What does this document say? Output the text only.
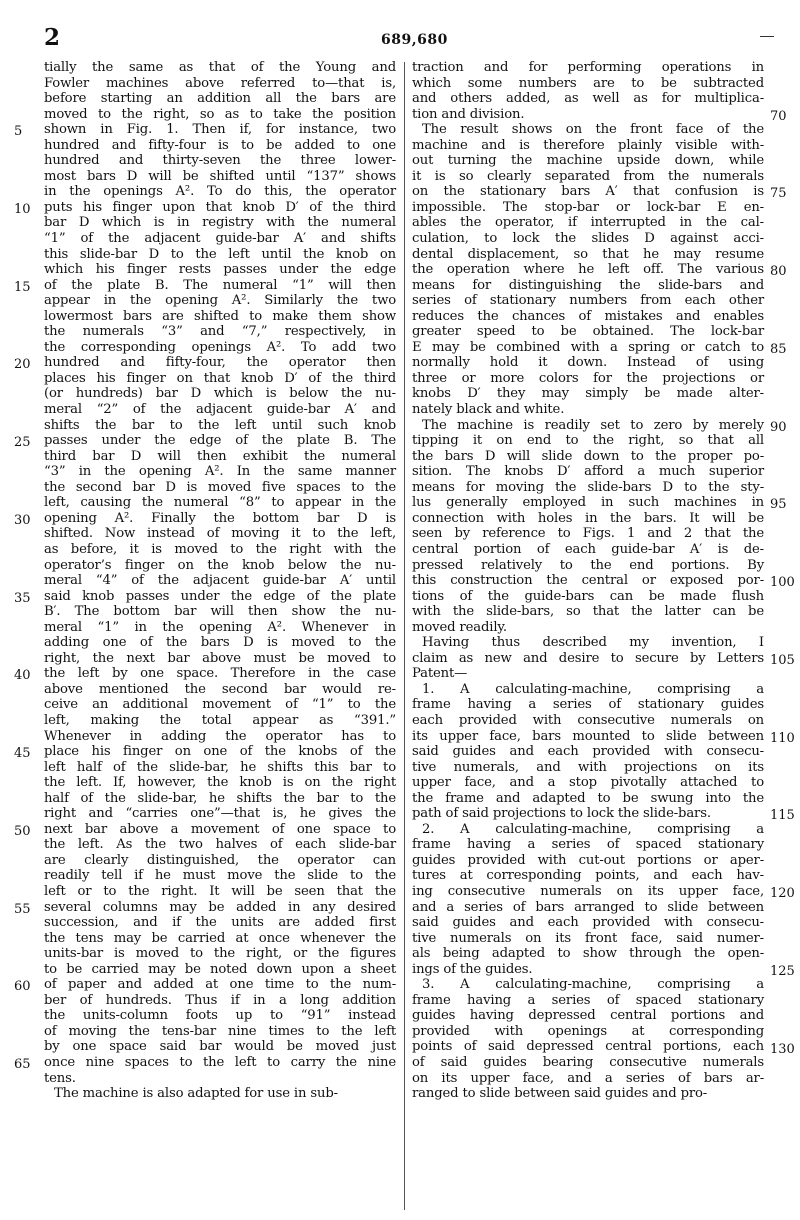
2	689,680
tially the same as that of the Young and
Fowler machines above referred to—that is,
before starting an addition all the bars are
moved to the right, so as to take the position
shown in Fig. 1. Then if, for instance, two
hundred and fifty-four is to be added to one
hundred and thirty-seven the three lower-
most bars D will be shifted until “137” shows
in the openings A². To do this, the operator
puts his finger upon that knob D′ of the third
bar D which is in registry with the numeral
“1” of the adjacent guide-bar A′ and shifts
this slide-bar D to the left until the knob on
which his finger rests passes under the edge
of the plate B. The numeral “1” will then
appear in the opening A². Similarly the two
lowermost bars are shifted to make them show
the numerals “3” and “7,” respectively, in
the corresponding openings A². To add two
hundred and fifty-four, the operator then
places his finger on that knob D′ of the third
(or hundreds) bar D which is below the nu-
meral “2” of the adjacent guide-bar A′ and
shifts the bar to the left until such knob
passes under the edge of the plate B. The
third bar D will then exhibit the numeral
“3” in the opening A². In the same manner
the second bar D is moved five spaces to the
left, causing the numeral “8” to appear in the
opening A². Finally the bottom bar D is
shifted. Now instead of moving it to the left,
as before, it is moved to the right with the
operator’s finger on the knob below the nu-
meral “4” of the adjacent guide-bar A′ until
said knob passes under the edge of the plate
B′. The bottom bar will then show the nu-
meral “1” in the opening A². Whenever in
adding one of the bars D is moved to the
right, the next bar above must be moved to
the left by one space. Therefore in the case
above mentioned the second bar would re-
ceive an additional movement of “1” to the
left, making the total appear as “391.”
Whenever in adding the operator has to
place his finger on one of the knobs of the
left half of the slide-bar, he shifts this bar to
the left. If, however, the knob is on the right
half of the slide-bar, he shifts the bar to the
right and “carries one”—that is, he gives the
next bar above a movement of one space to
the left. As the two halves of each slide-bar
are clearly distinguished, the operator can
readily tell if he must move the slide to the
left or to the right. It will be seen that the
several columns may be added in any desired
succession, and if the units are added first
the tens may be carried at once whenever the
units-bar is moved to the right, or the figures
to be carried may be noted down upon a sheet
of paper and added at one time to the num-
ber of hundreds. Thus if in a long addition
the units-column foots up to “91” instead
of moving the tens-bar nine times to the left
by one space said bar would be moved just
once nine spaces to the left to carry the nine
tens.
The machine is also adapted for use in sub-
traction and for performing operations in
which some numbers are to be subtracted
and others added, as well as for multiplica-
tion and division.
The result shows on the front face of the
machine and is therefore plainly visible with-
out turning the machine upside down, while
it is so clearly separated from the numerals
on the stationary bars A′ that confusion is
impossible. The stop-bar or lock-bar E en-
ables the operator, if interrupted in the cal-
culation, to lock the slides D against acci-
dental displacement, so that he may resume
the operation where he left off. The various
means for distinguishing the slide-bars and
series of stationary numbers from each other
reduces the chances of mistakes and enables
greater speed to be obtained. The lock-bar
E may be combined with a spring or catch to
normally hold it down. Instead of using
three or more colors for the projections or
knobs D′ they may simply be made alter-
nately black and white.
The machine is readily set to zero by merely
tipping it on end to the right, so that all
the bars D will slide down to the proper po-
sition. The knobs D′ afford a much superior
means for moving the slide-bars D to the sty-
lus generally employed in such machines in
connection with holes in the bars. It will be
seen by reference to Figs. 1 and 2 that the
central portion of each guide-bar A′ is de-
pressed relatively to the end portions. By
this construction the central or exposed por-
tions of the guide-bars can be made flush
with the slide-bars, so that the latter can be
moved readily.
Having thus described my invention, I
claim as new and desire to secure by Letters
Patent—
1. A calculating-machine, comprising a
frame having a series of stationary guides
each provided with consecutive numerals on
its upper face, bars mounted to slide between
said guides and each provided with consecu-
tive numerals, and with projections on its
upper face, and a stop pivotally attached to
the frame and adapted to be swung into the
path of said projections to lock the slide-bars.
2. A calculating-machine, comprising a
frame having a series of spaced stationary
guides provided with cut-out portions or aper-
tures at corresponding points, and each hav-
ing consecutive numerals on its upper face,
and a series of bars arranged to slide between
said guides and each provided with consecu-
tive numerals on its front face, said numer-
als being adapted to show through the open-
ings of the guides.
3. A calculating-machine, comprising a
frame having a series of spaced stationary
guides having depressed central portions and
provided with openings at corresponding
points of said depressed central portions, each
of said guides bearing consecutive numerals
on its upper face, and a series of bars ar-
ranged to slide between said guides and pro-
5
10
15
20
25
30
35
40
45
50
55
60
65
70
75
80
85
90
95
100
105
110
115
120
125
130
